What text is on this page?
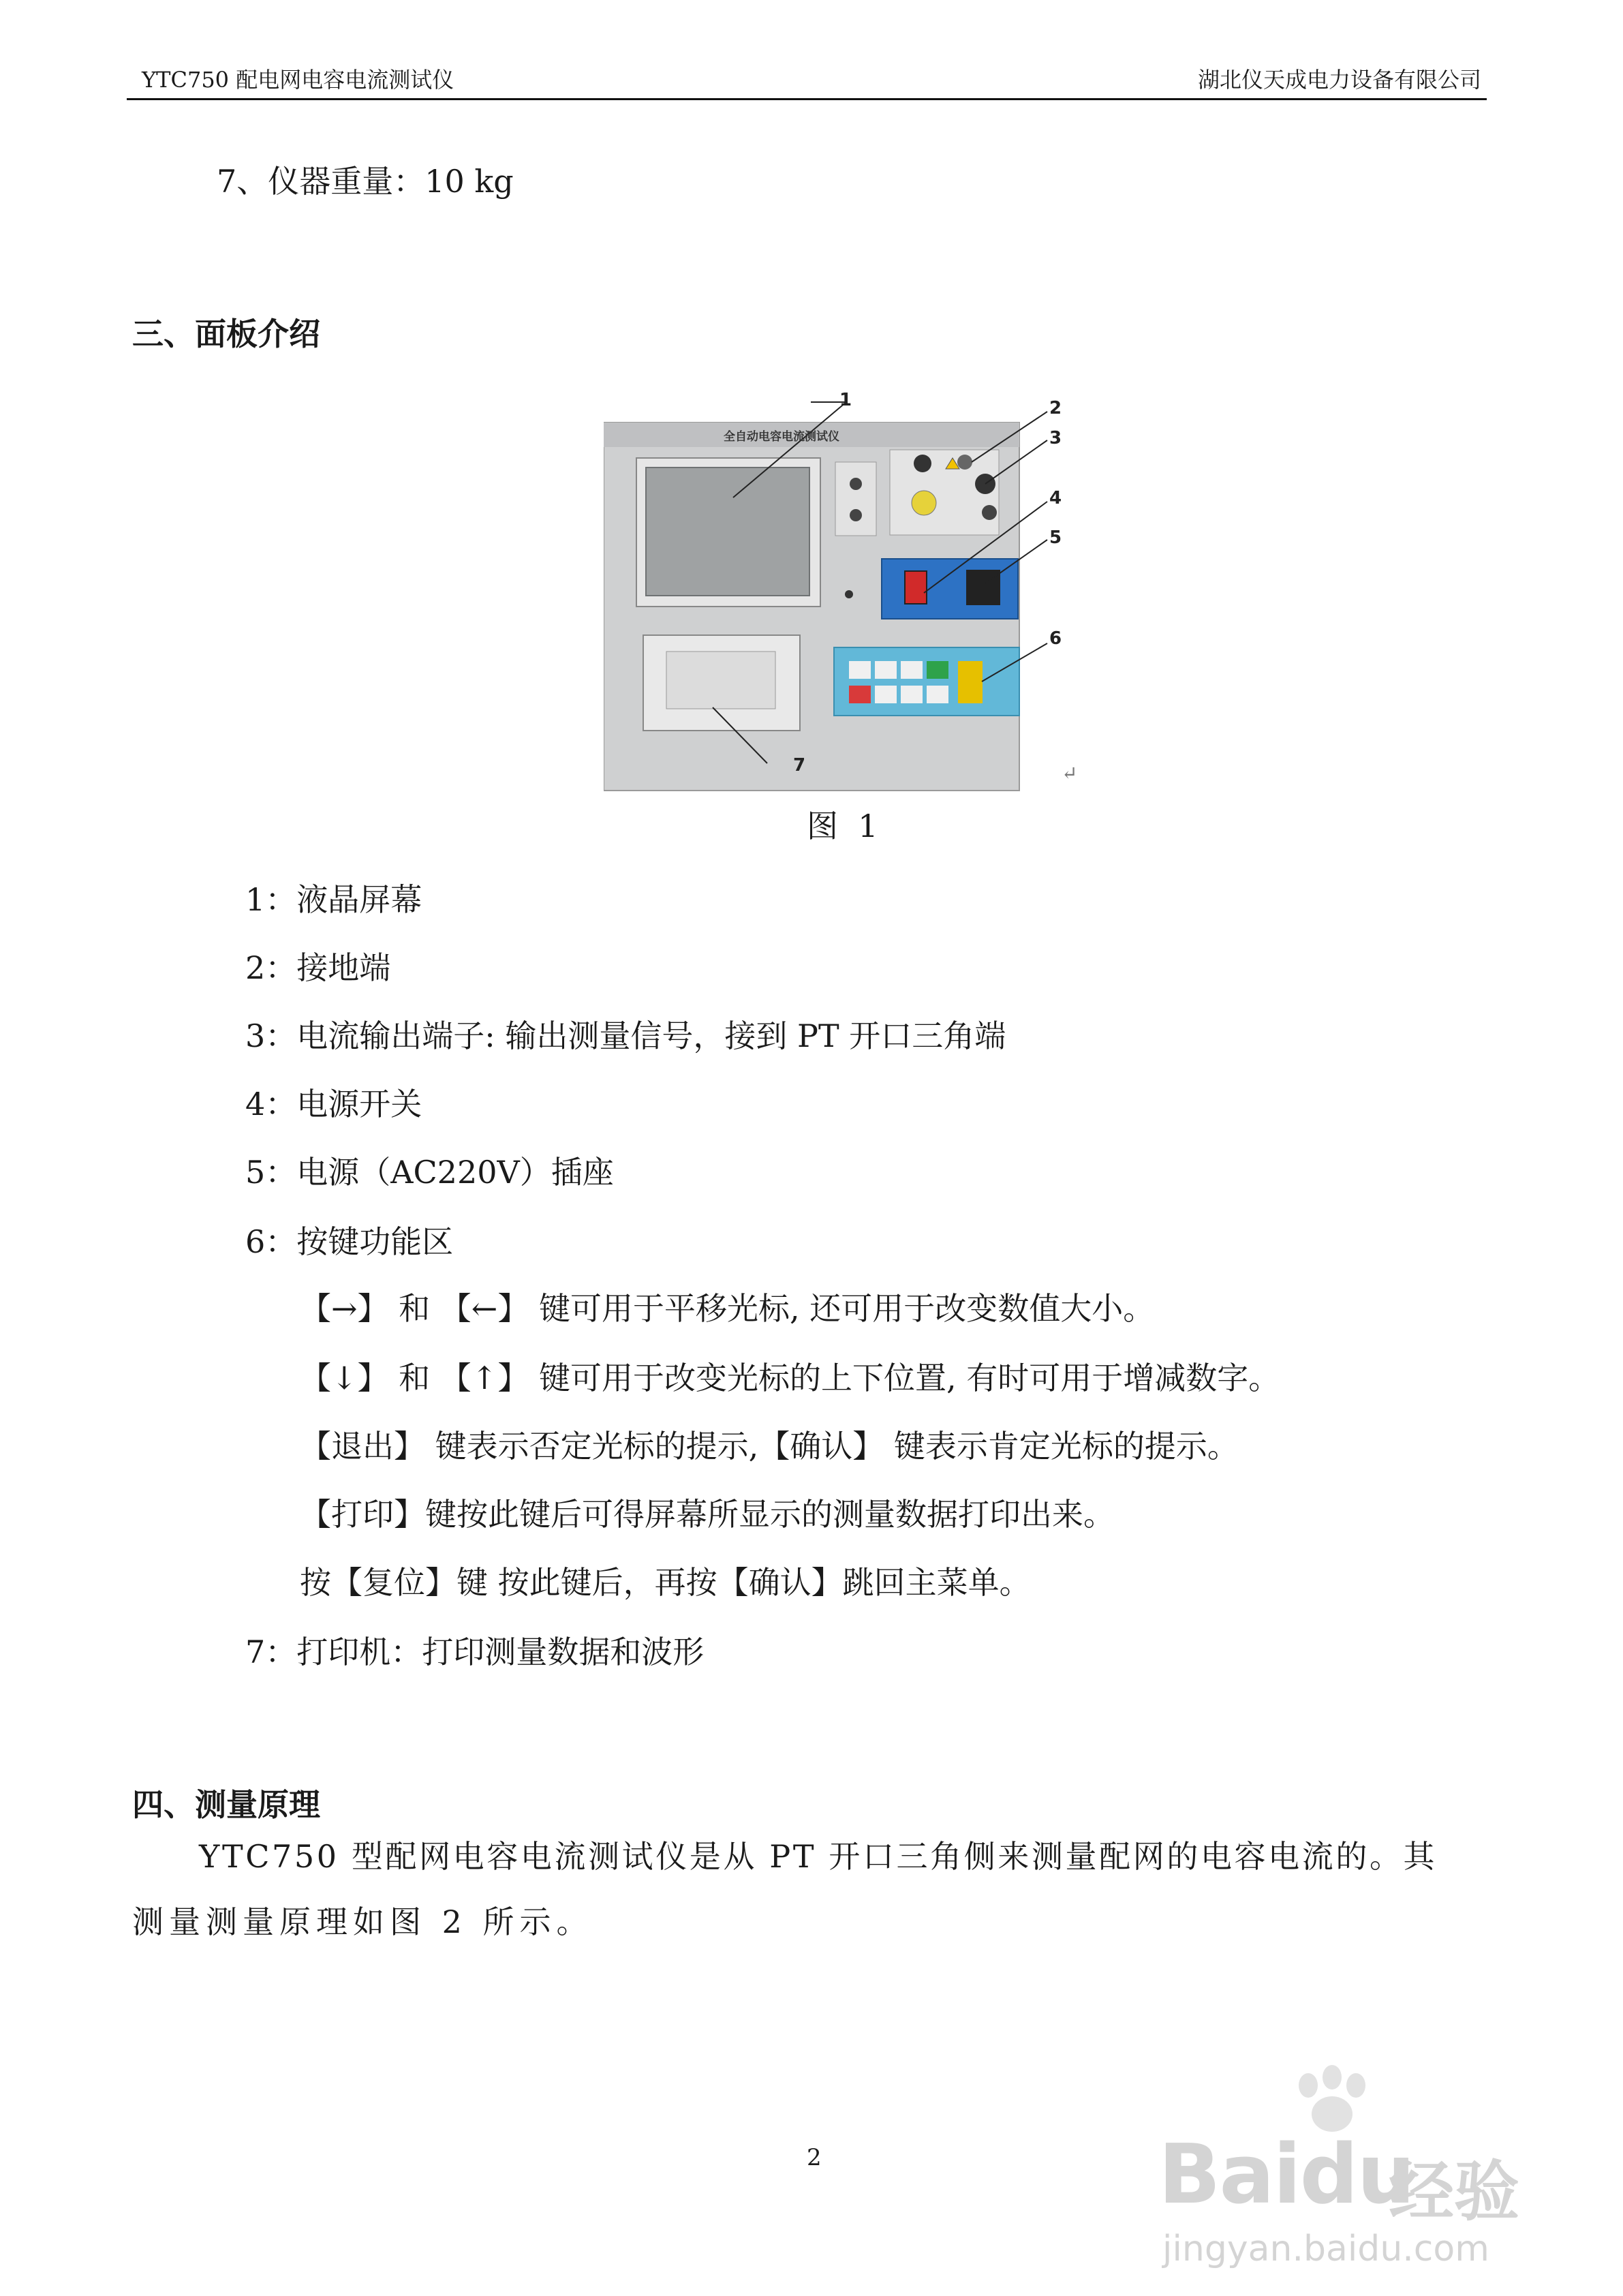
YTC750 配电网电容电流测试仪	湖北仪天成电力设备有限公司
7、仪器重量：10 kg
三、面板介绍
1	2
3
4
5
6
7
全自动电容电流测试仪
↵
图  1
1：液晶屏幕
2：接地端
3：电流输出端子: 输出测量信号，接到 PT 开口三角端
4：电源开关
5：电源（AC220V）插座
6：按键功能区
【→】 和 【←】 键可用于平移光标, 还可用于改变数值大小。
【↓】 和 【↑】 键可用于改变光标的上下位置, 有时可用于增减数字。
【退出】 键表示否定光标的提示,【确认】 键表示肯定光标的提示。
【打印】键按此键后可得屏幕所显示的测量数据打印出来。
按【复位】键 按此键后，再按【确认】跳回主菜单。
7：打印机：打印测量数据和波形
四、测量原理
YTC750 型配网电容电流测试仪是从 PT 开口三角侧来测量配网的电容电流的。其
测量测量原理如图 2 所示。
2	Baidu
经验
jingyan.baidu.com
